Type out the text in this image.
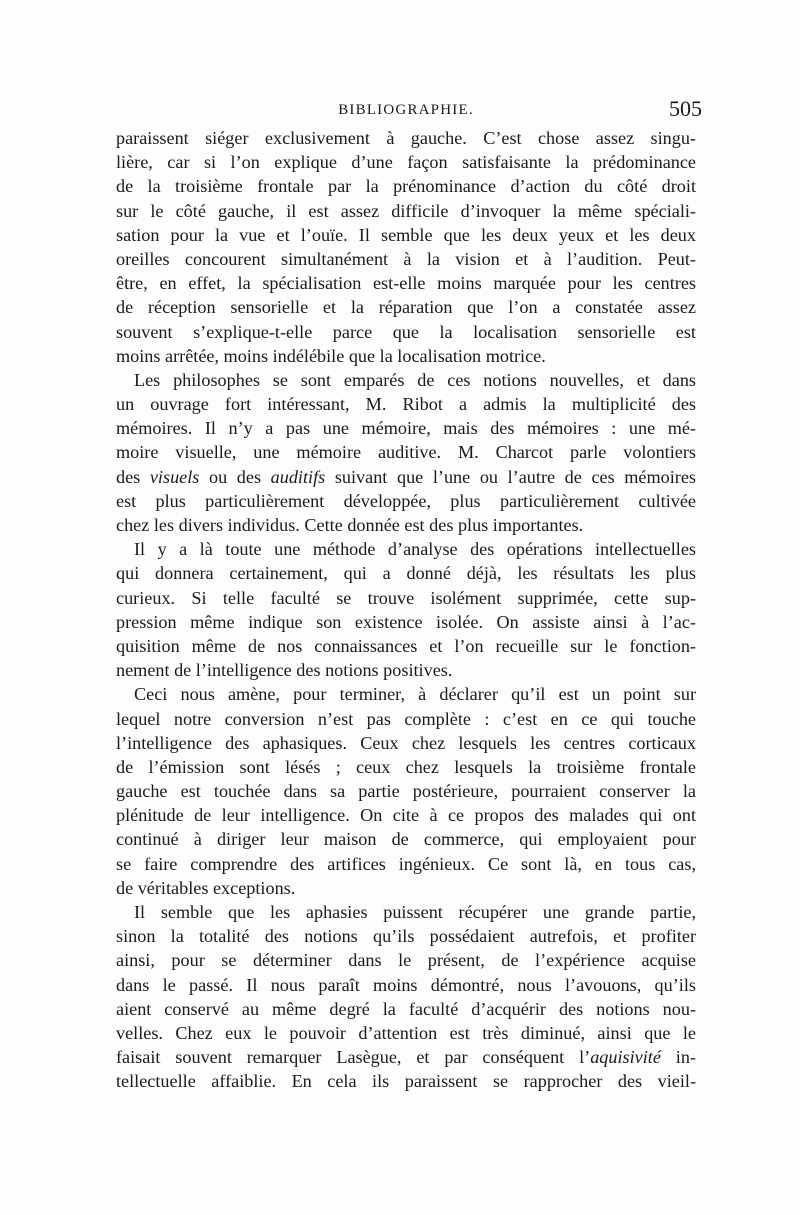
BIBLIOGRAPHIE.	505
paraissent siéger exclusivement à gauche. C’est chose assez singu-
lière, car si l’on explique d’une façon satisfaisante la prédominance
de la troisième frontale par la prénominance d’action du côté droit
sur le côté gauche, il est assez difficile d’invoquer la même spéciali-
sation pour la vue et l’ouïe. Il semble que les deux yeux et les deux
oreilles concourent simultanément à la vision et à l’audition. Peut-
être, en effet, la spécialisation est-elle moins marquée pour les centres
de réception sensorielle et la réparation que l’on a constatée assez
souvent s’explique-t-elle parce que la localisation sensorielle est
moins arrêtée, moins indélébile que la localisation motrice.
Les philosophes se sont emparés de ces notions nouvelles, et dans
un ouvrage fort intéressant, M. Ribot a admis la multiplicité des
mémoires. Il n’y a pas une mémoire, mais des mémoires : une mé-
moire visuelle, une mémoire auditive. M. Charcot parle volontiers
des visuels ou des auditifs suivant que l’une ou l’autre de ces mémoires
est plus particulièrement développée, plus particulièrement cultivée
chez les divers individus. Cette donnée est des plus importantes.
Il y a là toute une méthode d’analyse des opérations intellectuelles
qui donnera certainement, qui a donné déjà, les résultats les plus
curieux. Si telle faculté se trouve isolément supprimée, cette sup-
pression même indique son existence isolée. On assiste ainsi à l’ac-
quisition même de nos connaissances et l’on recueille sur le fonction-
nement de l’intelligence des notions positives.
Ceci nous amène, pour terminer, à déclarer qu’il est un point sur
lequel notre conversion n’est pas complète : c’est en ce qui touche
l’intelligence des aphasiques. Ceux chez lesquels les centres corticaux
de l’émission sont lésés ; ceux chez lesquels la troisième frontale
gauche est touchée dans sa partie postérieure, pourraient conserver la
plénitude de leur intelligence. On cite à ce propos des malades qui ont
continué à diriger leur maison de commerce, qui employaient pour
se faire comprendre des artifices ingénieux. Ce sont là, en tous cas,
de véritables exceptions.
Il semble que les aphasies puissent récupérer une grande partie,
sinon la totalité des notions qu’ils possédaient autrefois, et profiter
ainsi, pour se déterminer dans le présent, de l’expérience acquise
dans le passé. Il nous paraît moins démontré, nous l’avouons, qu’ils
aient conservé au même degré la faculté d’acquérir des notions nou-
velles. Chez eux le pouvoir d’attention est très diminué, ainsi que le
faisait souvent remarquer Lasègue, et par conséquent l’aquisivité in-
tellectuelle affaiblie. En cela ils paraissent se rapprocher des vieil-
